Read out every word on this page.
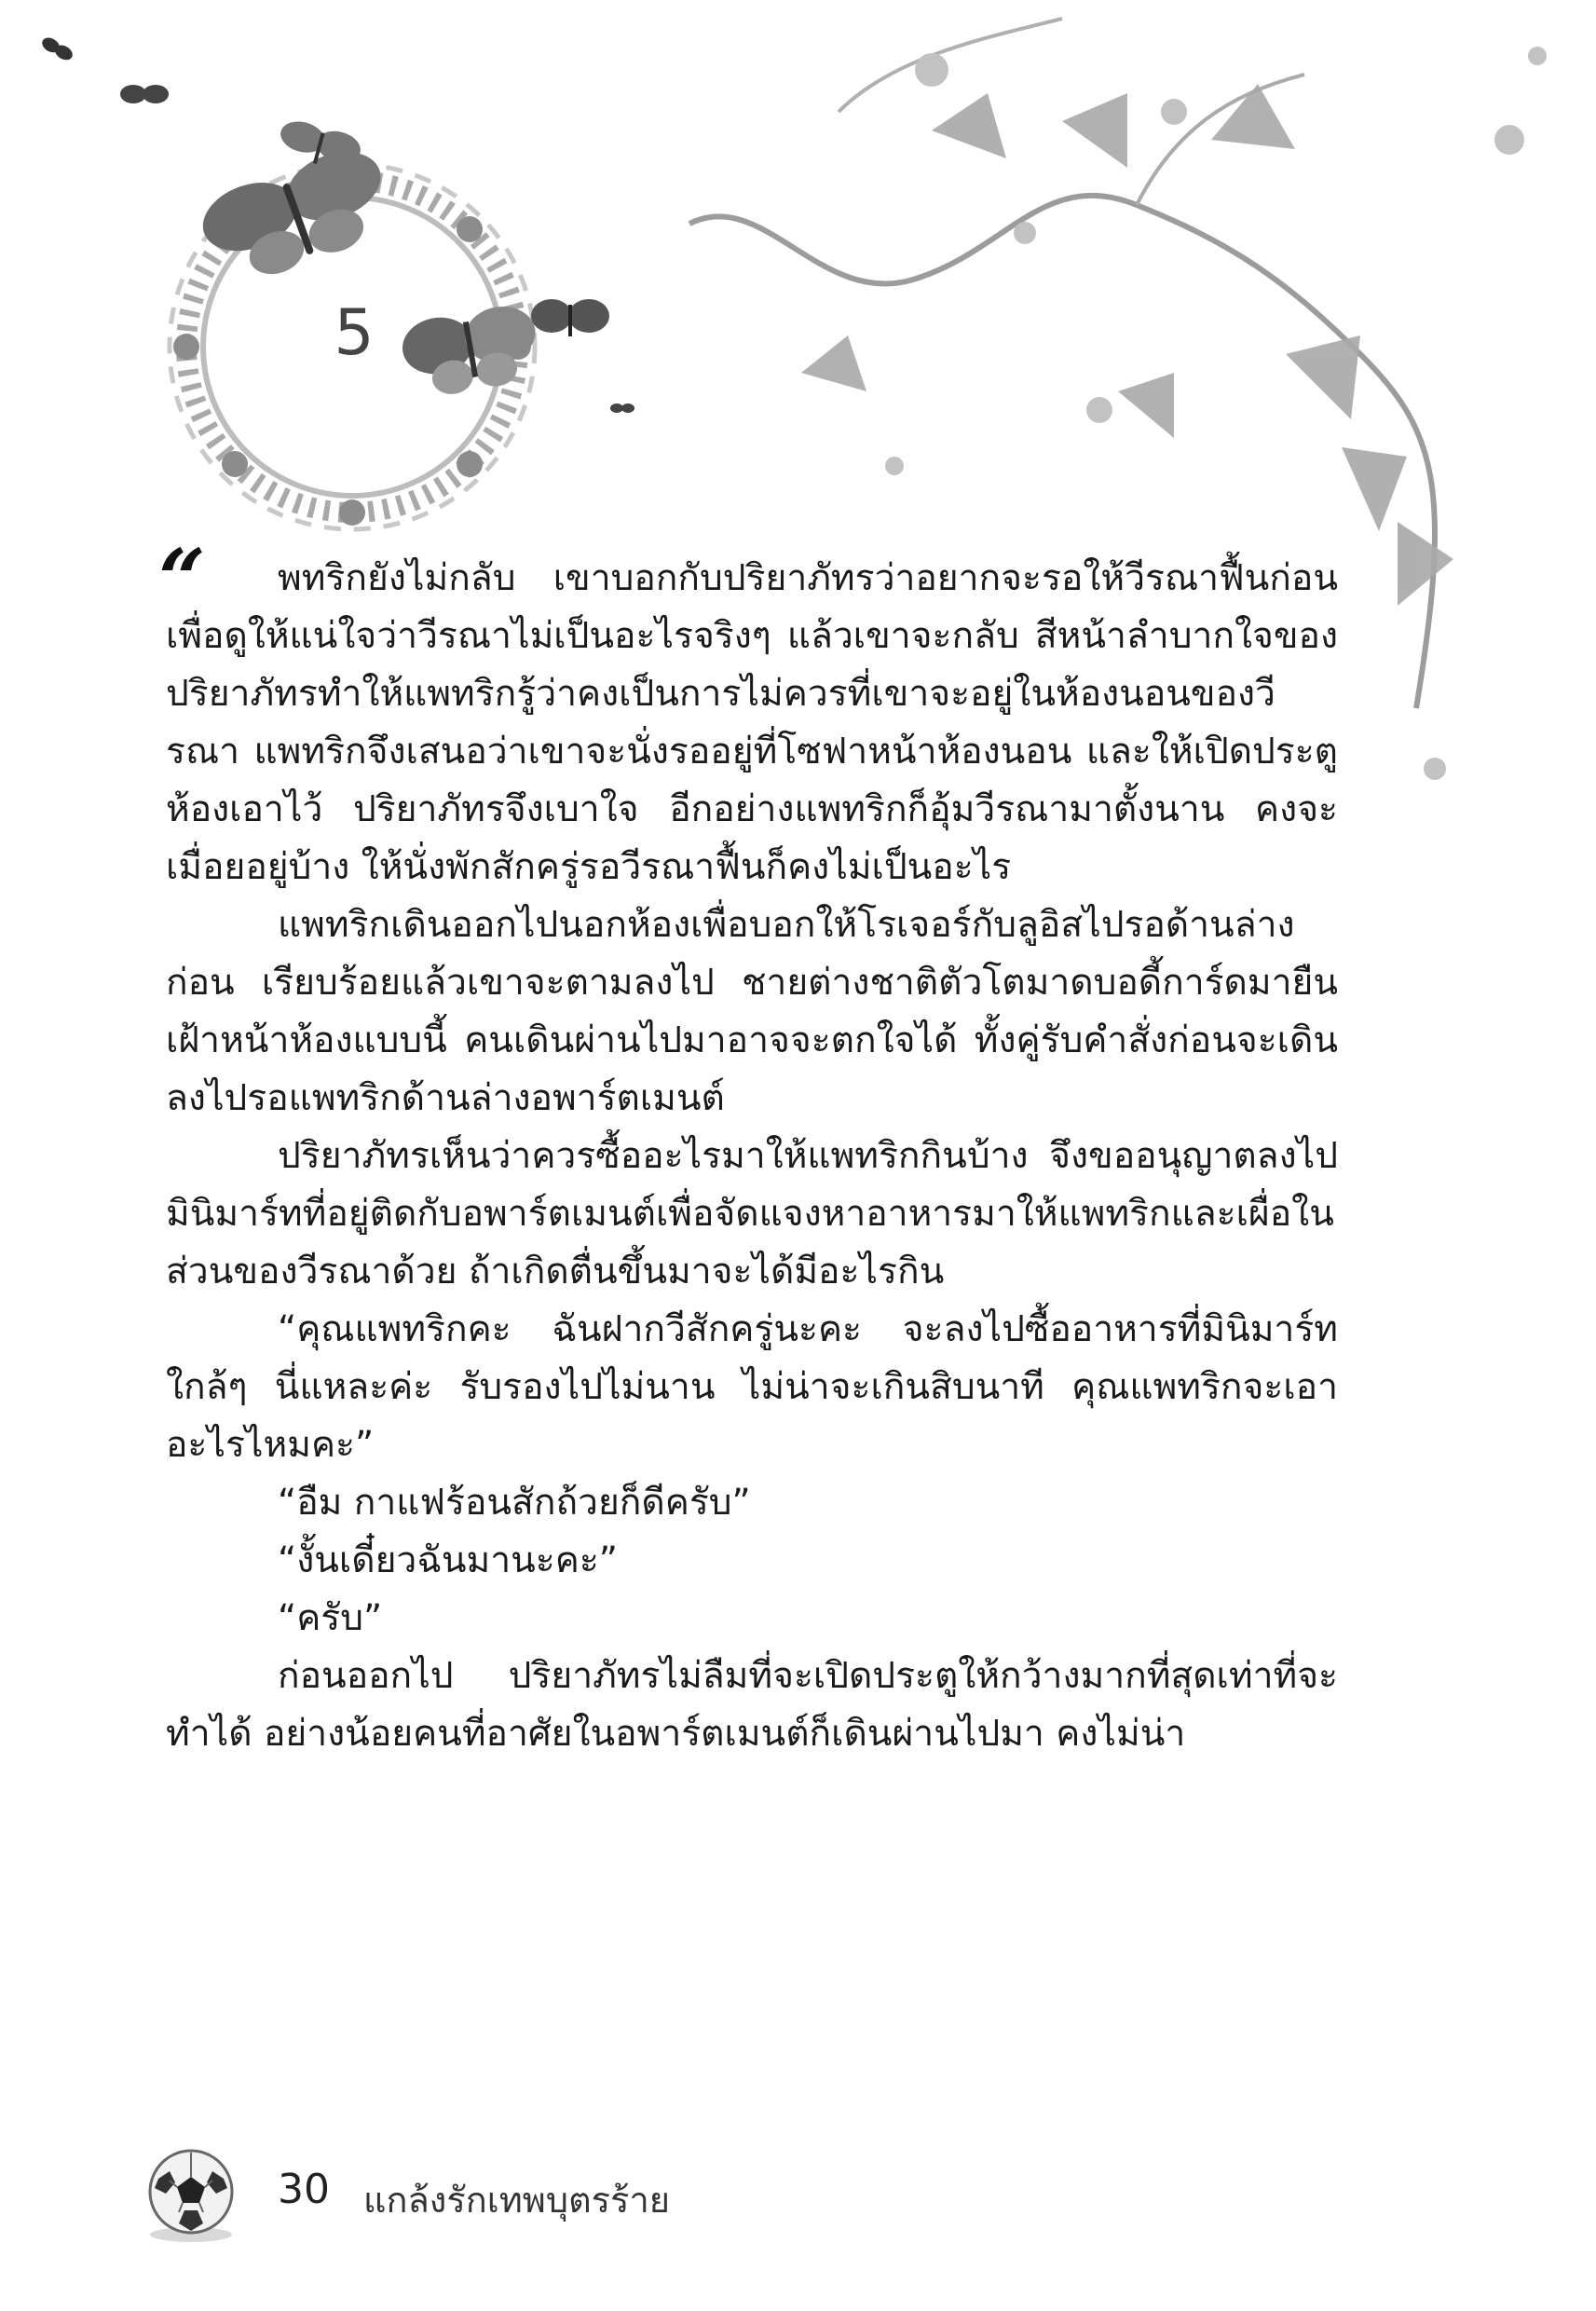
5
“	พทริกยังไม่กลับ เขาบอกกับปริยาภัทรว่าอยากจะรอให้วีรณาฟื้นก่อนเพื่อดูให้แน่ใจว่าวีรณาไม่เป็นอะไรจริงๆ แล้วเขาจะกลับ สีหน้าลำบากใจของปริยาภัทรทำให้แพทริกรู้ว่าคงเป็นการไม่ควรที่เขาจะอยู่ในห้องนอนของวีรณา แพทริกจึงเสนอว่าเขาจะนั่งรออยู่ที่โซฟาหน้าห้องนอน และให้เปิดประตูห้องเอาไว้ ปริยาภัทรจึงเบาใจ อีกอย่างแพทริกก็อุ้มวีรณามาตั้งนาน คงจะเมื่อยอยู่บ้าง ให้นั่งพักสักครู่รอวีรณาฟื้นก็คงไม่เป็นอะไร

แพทริกเดินออกไปนอกห้องเพื่อบอกให้โรเจอร์กับลูอิสไปรอด้านล่างก่อน เรียบร้อยแล้วเขาจะตามลงไป ชายต่างชาติตัวโตมาดบอดี้การ์ดมายืนเฝ้าหน้าห้องแบบนี้ คนเดินผ่านไปมาอาจจะตกใจได้ ทั้งคู่รับคำสั่งก่อนจะเดินลงไปรอแพทริกด้านล่างอพาร์ตเมนต์

ปริยาภัทรเห็นว่าควรซื้ออะไรมาให้แพทริกกินบ้าง จึงขออนุญาตลงไปมินิมาร์ทที่อยู่ติดกับอพาร์ตเมนต์เพื่อจัดแจงหาอาหารมาให้แพทริกและเผื่อในส่วนของวีรณาด้วย ถ้าเกิดตื่นขึ้นมาจะได้มีอะไรกิน

“คุณแพทริกคะ ฉันฝากวีสักครู่นะคะ จะลงไปซื้ออาหารที่มินิมาร์ทใกล้ๆ นี่แหละค่ะ รับรองไปไม่นาน ไม่น่าจะเกินสิบนาที คุณแพทริกจะเอาอะไรไหมคะ”

“อืม กาแฟร้อนสักถ้วยก็ดีครับ”

“งั้นเดี๋ยวฉันมานะคะ”

“ครับ”

ก่อนออกไป ปริยาภัทรไม่ลืมที่จะเปิดประตูให้กว้างมากที่สุดเท่าที่จะทำได้ อย่างน้อยคนที่อาศัยในอพาร์ตเมนต์ก็เดินผ่านไปมา คงไม่น่า

30 แกล้งรักเทพบุตรร้าย
